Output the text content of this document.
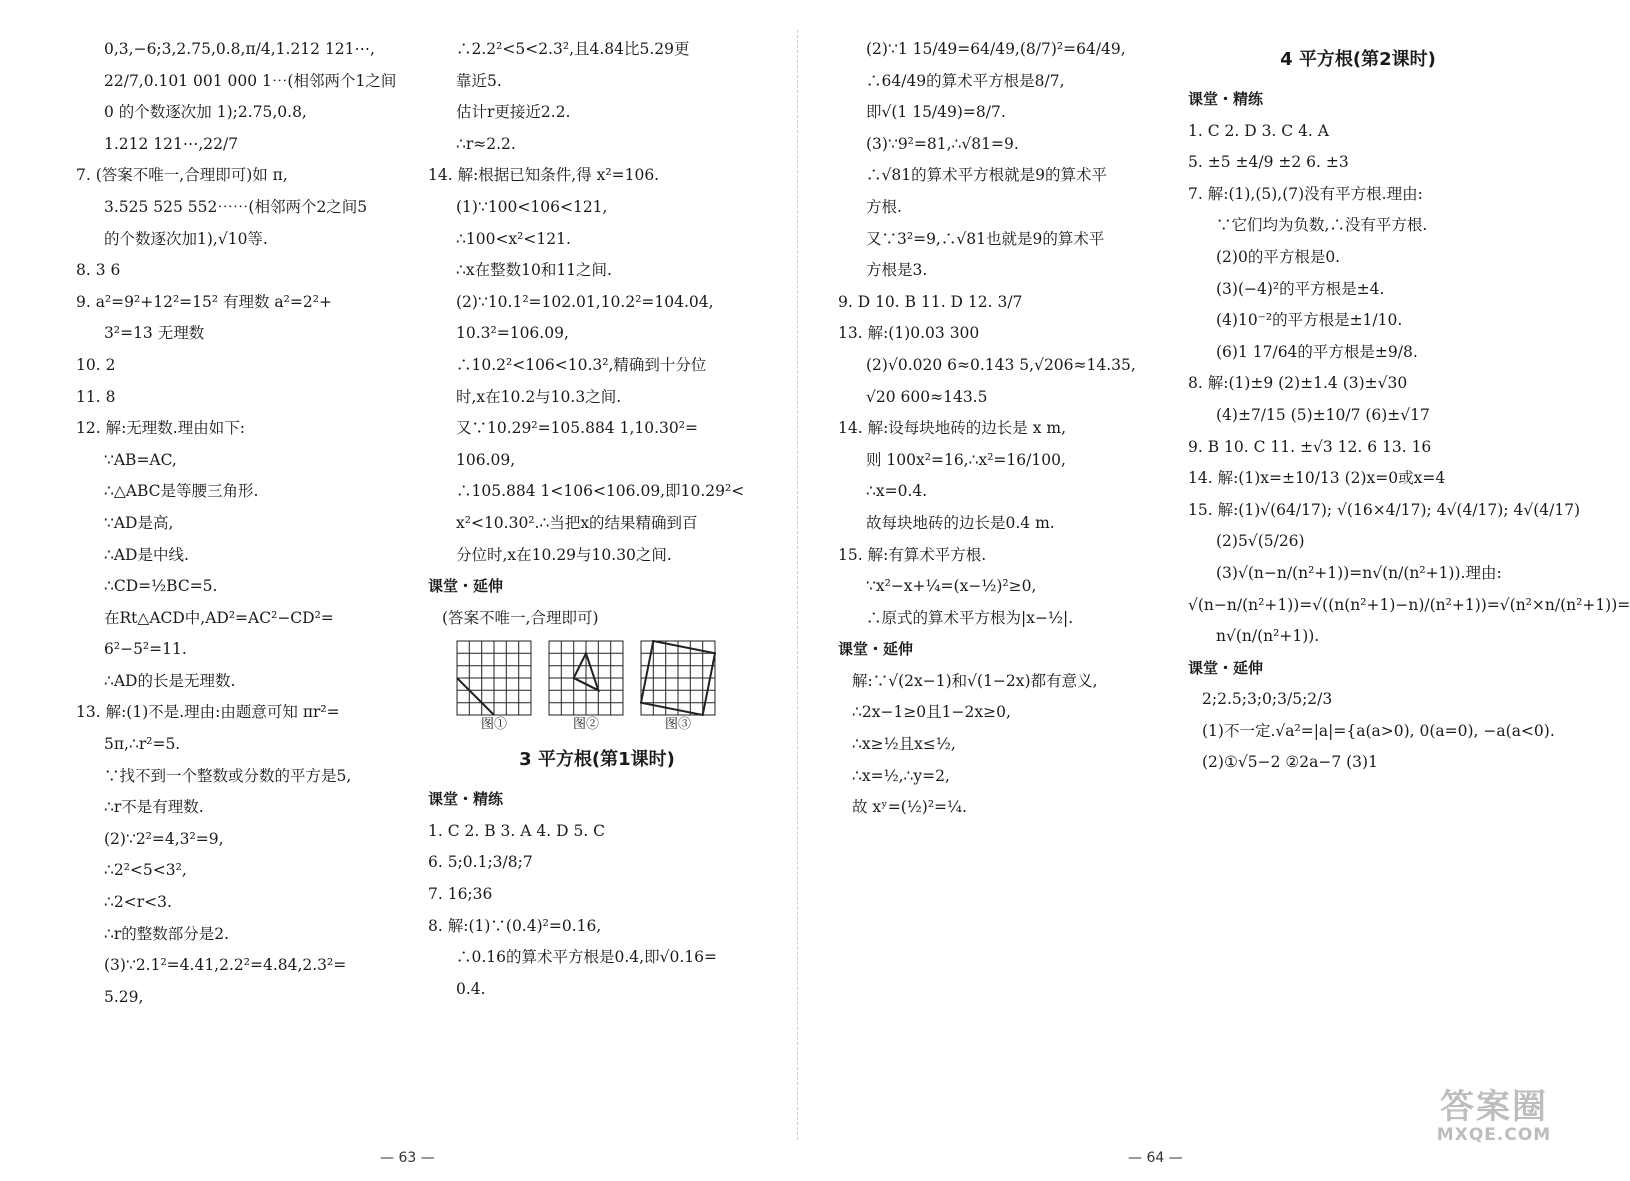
0,3,−6;3,2.75,0.8,π/4,1.212 121⋯,
22/7,0.101 001 000 1⋯(相邻两个1之间
0 的个数逐次加 1);2.75,0.8,
1.212 121⋯,22/7
7. (答案不唯一,合理即可)如 π,
3.525 525 552⋯⋯(相邻两个2之间5
的个数逐次加1),√10等.
8. 3 6
9. a²=9²+12²=15² 有理数 a²=2²+
3²=13 无理数
10. 2
11. 8
12. 解:无理数.理由如下:
∵AB=AC,
∴△ABC是等腰三角形.
∵AD是高,
∴AD是中线.
∴CD=½BC=5.
在Rt△ACD中,AD²=AC²−CD²=
6²−5²=11.
∴AD的长是无理数.
13. 解:(1)不是.理由:由题意可知 πr²=
5π,∴r²=5.
∵找不到一个整数或分数的平方是5,
∴r不是有理数.
(2)∵2²=4,3²=9,
∴2²<5<3²,
∴2<r<3.
∴r的整数部分是2.
(3)∵2.1²=4.41,2.2²=4.84,2.3²=
5.29,
∴2.2²<5<2.3²,且4.84比5.29更
靠近5.
估计r更接近2.2.
∴r≈2.2.
14. 解:根据已知条件,得 x²=106.
(1)∵100<106<121,
∴100<x²<121.
∴x在整数10和11之间.
(2)∵10.1²=102.01,10.2²=104.04,
10.3²=106.09,
∴10.2²<106<10.3²,精确到十分位
时,x在10.2与10.3之间.
又∵10.29²=105.884 1,10.30²=
106.09,
∴105.884 1<106<106.09,即10.29²<
x²<10.30².∴当把x的结果精确到百
分位时,x在10.29与10.30之间.
课堂・延伸
(答案不唯一,合理即可)
图①	图②	图③
3 平方根(第1课时)
课堂・精练
1. C 2. B 3. A 4. D 5. C
6. 5;0.1;3/8;7
7. 16;36
8. 解:(1)∵(0.4)²=0.16,
∴0.16的算术平方根是0.4,即√0.16=
0.4.
(2)∵1 15/49=64/49,(8/7)²=64/49,
∴64/49的算术平方根是8/7,
即√(1 15/49)=8/7.
(3)∵9²=81,∴√81=9.
∴√81的算术平方根就是9的算术平
方根.
又∵3²=9,∴√81也就是9的算术平
方根是3.
9. D 10. B 11. D 12. 3/7
13. 解:(1)0.03 300
(2)√0.020 6≈0.143 5,√206≈14.35,
√20 600≈143.5
14. 解:设每块地砖的边长是 x m,
则 100x²=16,∴x²=16/100,
∴x=0.4.
故每块地砖的边长是0.4 m.
15. 解:有算术平方根.
∵x²−x+¼=(x−½)²≥0,
∴原式的算术平方根为|x−½|.
课堂・延伸
解:∵√(2x−1)和√(1−2x)都有意义,
∴2x−1≥0且1−2x≥0,
∴x≥½且x≤½,
∴x=½,∴y=2,
故 xʸ=(½)²=¼.
4 平方根(第2课时)
课堂・精练
1. C 2. D 3. C 4. A
5. ±5 ±4/9 ±2 6. ±3
7. 解:(1),(5),(7)没有平方根.理由:
∵它们均为负数,∴没有平方根.
(2)0的平方根是0.
(3)(−4)²的平方根是±4.
(4)10⁻²的平方根是±1/10.
(6)1 17/64的平方根是±9/8.
8. 解:(1)±9 (2)±1.4 (3)±√30
(4)±7/15 (5)±10/7 (6)±√17
9. B 10. C 11. ±√3 12. 6 13. 16
14. 解:(1)x=±10/13 (2)x=0或x=4
15. 解:(1)√(64/17); √(16×4/17); 4√(4/17); 4√(4/17)
(2)5√(5/26)
(3)√(n−n/(n²+1))=n√(n/(n²+1)).理由:
√(n−n/(n²+1))=√((n(n²+1)−n)/(n²+1))=√(n²×n/(n²+1))=
n√(n/(n²+1)).
课堂・延伸
2;2.5;3;0;3/5;2/3
(1)不一定.√a²=|a|={a(a>0), 0(a=0), −a(a<0).
(2)①√5−2 ②2a−7 (3)1
— 63 —	— 64 —
答案圈
MXQE.COM
